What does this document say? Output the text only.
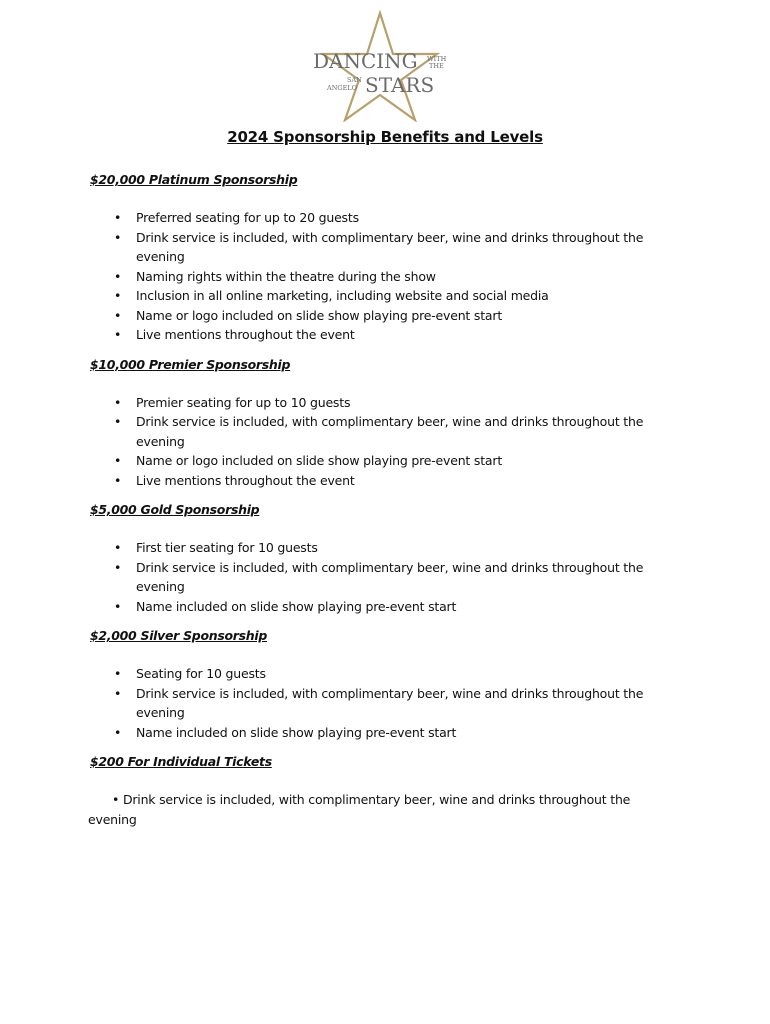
DANCING WITH
THE
SAN
ANGELO STARS
2024 Sponsorship Benefits and Levels
$20,000 Platinum Sponsorship
• Preferred seating for up to 20 guests
• Drink service is included, with complimentary beer, wine and drinks throughout the evening
• Naming rights within the theatre during the show
• Inclusion in all online marketing, including website and social media
• Name or logo included on slide show playing pre-event start
• Live mentions throughout the event
$10,000 Premier Sponsorship
• Premier seating for up to 10 guests
• Drink service is included, with complimentary beer, wine and drinks throughout the evening
• Name or logo included on slide show playing pre-event start
• Live mentions throughout the event
$5,000 Gold Sponsorship
• First tier seating for 10 guests
• Drink service is included, with complimentary beer, wine and drinks throughout the evening
• Name included on slide show playing pre-event start
$2,000 Silver Sponsorship
• Seating for 10 guests
• Drink service is included, with complimentary beer, wine and drinks throughout the evening
• Name included on slide show playing pre-event start
$200 For Individual Tickets
• Drink service is included, with complimentary beer, wine and drinks throughout the
evening
